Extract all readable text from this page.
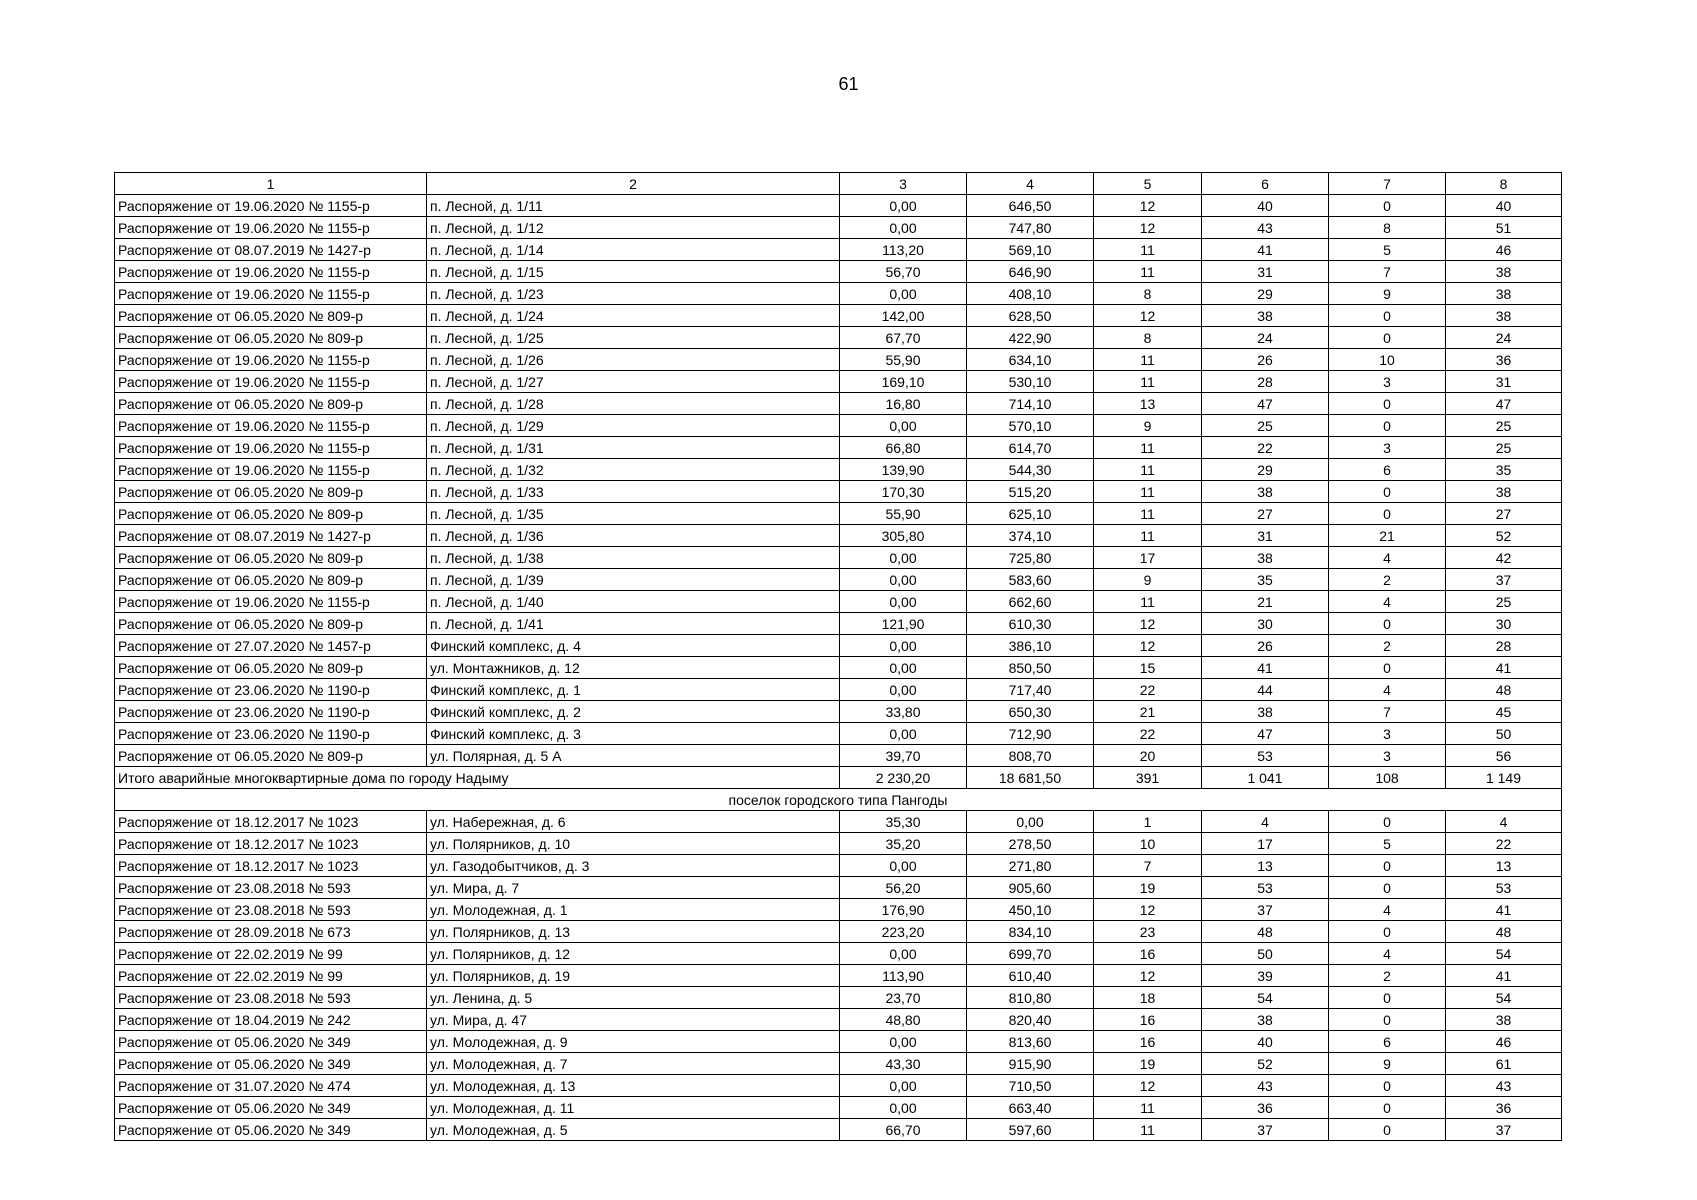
61
1	2	3	4	5	6	7	8
Распоряжение от 19.06.2020 № 1155-р	п. Лесной, д. 1/11	0,00	646,50	12	40	0	40
Распоряжение от 19.06.2020 № 1155-р	п. Лесной, д. 1/12	0,00	747,80	12	43	8	51
Распоряжение от 08.07.2019 № 1427-р	п. Лесной, д. 1/14	113,20	569,10	11	41	5	46
Распоряжение от 19.06.2020 № 1155-р	п. Лесной, д. 1/15	56,70	646,90	11	31	7	38
Распоряжение от 19.06.2020 № 1155-р	п. Лесной, д. 1/23	0,00	408,10	8	29	9	38
Распоряжение от 06.05.2020 № 809-р	п. Лесной, д. 1/24	142,00	628,50	12	38	0	38
Распоряжение от 06.05.2020 № 809-р	п. Лесной, д. 1/25	67,70	422,90	8	24	0	24
Распоряжение от 19.06.2020 № 1155-р	п. Лесной, д. 1/26	55,90	634,10	11	26	10	36
Распоряжение от 19.06.2020 № 1155-р	п. Лесной, д. 1/27	169,10	530,10	11	28	3	31
Распоряжение от 06.05.2020 № 809-р	п. Лесной, д. 1/28	16,80	714,10	13	47	0	47
Распоряжение от 19.06.2020 № 1155-р	п. Лесной, д. 1/29	0,00	570,10	9	25	0	25
Распоряжение от 19.06.2020 № 1155-р	п. Лесной, д. 1/31	66,80	614,70	11	22	3	25
Распоряжение от 19.06.2020 № 1155-р	п. Лесной, д. 1/32	139,90	544,30	11	29	6	35
Распоряжение от 06.05.2020 № 809-р	п. Лесной, д. 1/33	170,30	515,20	11	38	0	38
Распоряжение от 06.05.2020 № 809-р	п. Лесной, д. 1/35	55,90	625,10	11	27	0	27
Распоряжение от 08.07.2019 № 1427-р	п. Лесной, д. 1/36	305,80	374,10	11	31	21	52
Распоряжение от 06.05.2020 № 809-р	п. Лесной, д. 1/38	0,00	725,80	17	38	4	42
Распоряжение от 06.05.2020 № 809-р	п. Лесной, д. 1/39	0,00	583,60	9	35	2	37
Распоряжение от 19.06.2020 № 1155-р	п. Лесной, д. 1/40	0,00	662,60	11	21	4	25
Распоряжение от 06.05.2020 № 809-р	п. Лесной, д. 1/41	121,90	610,30	12	30	0	30
Распоряжение от 27.07.2020 № 1457-р	Финский комплекс, д. 4	0,00	386,10	12	26	2	28
Распоряжение от 06.05.2020 № 809-р	ул. Монтажников, д. 12	0,00	850,50	15	41	0	41
Распоряжение от 23.06.2020 № 1190-р	Финский комплекс, д. 1	0,00	717,40	22	44	4	48
Распоряжение от 23.06.2020 № 1190-р	Финский комплекс, д. 2	33,80	650,30	21	38	7	45
Распоряжение от 23.06.2020 № 1190-р	Финский комплекс, д. 3	0,00	712,90	22	47	3	50
Распоряжение от 06.05.2020 № 809-р	ул. Полярная, д. 5 А	39,70	808,70	20	53	3	56
Итого аварийные многоквартирные дома по городу Надыму		2 230,20	18 681,50	391	1 041	108	1 149
поселок городского типа Пангоды							
Распоряжение от 18.12.2017 № 1023	ул. Набережная, д. 6	35,30	0,00	1	4	0	4
Распоряжение от 18.12.2017 № 1023	ул. Полярников, д. 10	35,20	278,50	10	17	5	22
Распоряжение от 18.12.2017 № 1023	ул. Газодобытчиков, д. 3	0,00	271,80	7	13	0	13
Распоряжение от 23.08.2018 № 593	ул. Мира, д. 7	56,20	905,60	19	53	0	53
Распоряжение от 23.08.2018 № 593	ул. Молодежная, д. 1	176,90	450,10	12	37	4	41
Распоряжение от 28.09.2018 № 673	ул. Полярников, д. 13	223,20	834,10	23	48	0	48
Распоряжение от 22.02.2019 № 99	ул. Полярников, д. 12	0,00	699,70	16	50	4	54
Распоряжение от 22.02.2019 № 99	ул. Полярников, д. 19	113,90	610,40	12	39	2	41
Распоряжение от 23.08.2018 № 593	ул. Ленина, д. 5	23,70	810,80	18	54	0	54
Распоряжение от 18.04.2019 № 242	ул. Мира, д. 47	48,80	820,40	16	38	0	38
Распоряжение от 05.06.2020 № 349	ул. Молодежная, д. 9	0,00	813,60	16	40	6	46
Распоряжение от 05.06.2020 № 349	ул. Молодежная, д. 7	43,30	915,90	19	52	9	61
Распоряжение от 31.07.2020 № 474	ул. Молодежная, д. 13	0,00	710,50	12	43	0	43
Распоряжение от 05.06.2020 № 349	ул. Молодежная, д. 11	0,00	663,40	11	36	0	36
Распоряжение от 05.06.2020 № 349	ул. Молодежная, д. 5	66,70	597,60	11	37	0	37
